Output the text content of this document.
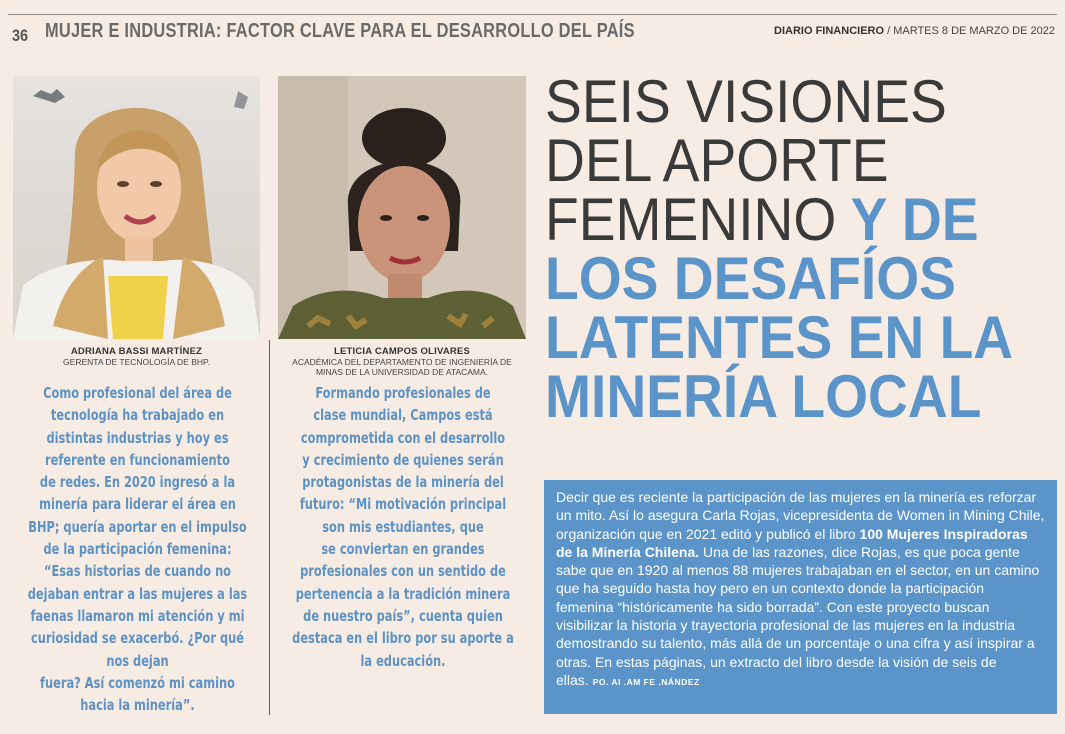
36 MUJER E INDUSTRIA: FACTOR CLAVE PARA EL DESARROLLO DEL PAÍS	DIARIO FINANCIERO / MARTES 8 DE MARZO DE 2022
ADRIANA BASSI MARTÍNEZ
GERENTA DE TECNOLOGÍA DE BHP.
LETICIA CAMPOS OLIVARES
ACADÉMICA DEL DEPARTAMENTO DE INGENIERÍA DE
MINAS DE LA UNIVERSIDAD DE ATACAMA.
Como profesional del área de
tecnología ha trabajado en
distintas industrias y hoy es
referente en funcionamiento
de redes. En 2020 ingresó a la
minería para liderar el área en
BHP; quería aportar en el impulso
de la participación femenina:
“Esas historias de cuando no
dejaban entrar a las mujeres a las
faenas llamaron mi atención y mi
curiosidad se exacerbó. ¿Por qué
nos dejan
fuera? Así comenzó mi camino
hacia la minería”.
Formando profesionales de
clase mundial, Campos está
comprometida con el desarrollo
y crecimiento de quienes serán
protagonistas de la minería del
futuro: “Mi motivación principal
son mis estudiantes, que
se conviertan en grandes
profesionales con un sentido de
pertenencia a la tradición minera
de nuestro país”, cuenta quien
destaca en el libro por su aporte a
la educación.
SEIS VISIONES
DEL APORTE
FEMENINO Y DE
LOS DESAFÍOS
LATENTES EN LA
MINERÍA LOCAL
Decir que es reciente la participación de las mujeres en la minería es reforzar un mito. Así lo asegura Carla Rojas, vicepresidenta de Women in Mining Chile, organización que en 2021 editó y publicó el libro 100 Mujeres Inspiradoras de la Minería Chilena. Una de las razones, dice Rojas, es que poca gente sabe que en 1920 al menos 88 mujeres trabajaban en el sector, en un camino que ha seguido hasta hoy pero en un contexto donde la participación femenina “históricamente ha sido borrada”. Con este proyecto buscan visibilizar la historia y trayectoria profesional de las mujeres en la industria demostrando su talento, más allá de un porcentaje o una cifra y así inspirar a otras. En estas páginas, un extracto del libro desde la visión de seis de ellas. PO. AI .AM FE .NÁNDEZ
